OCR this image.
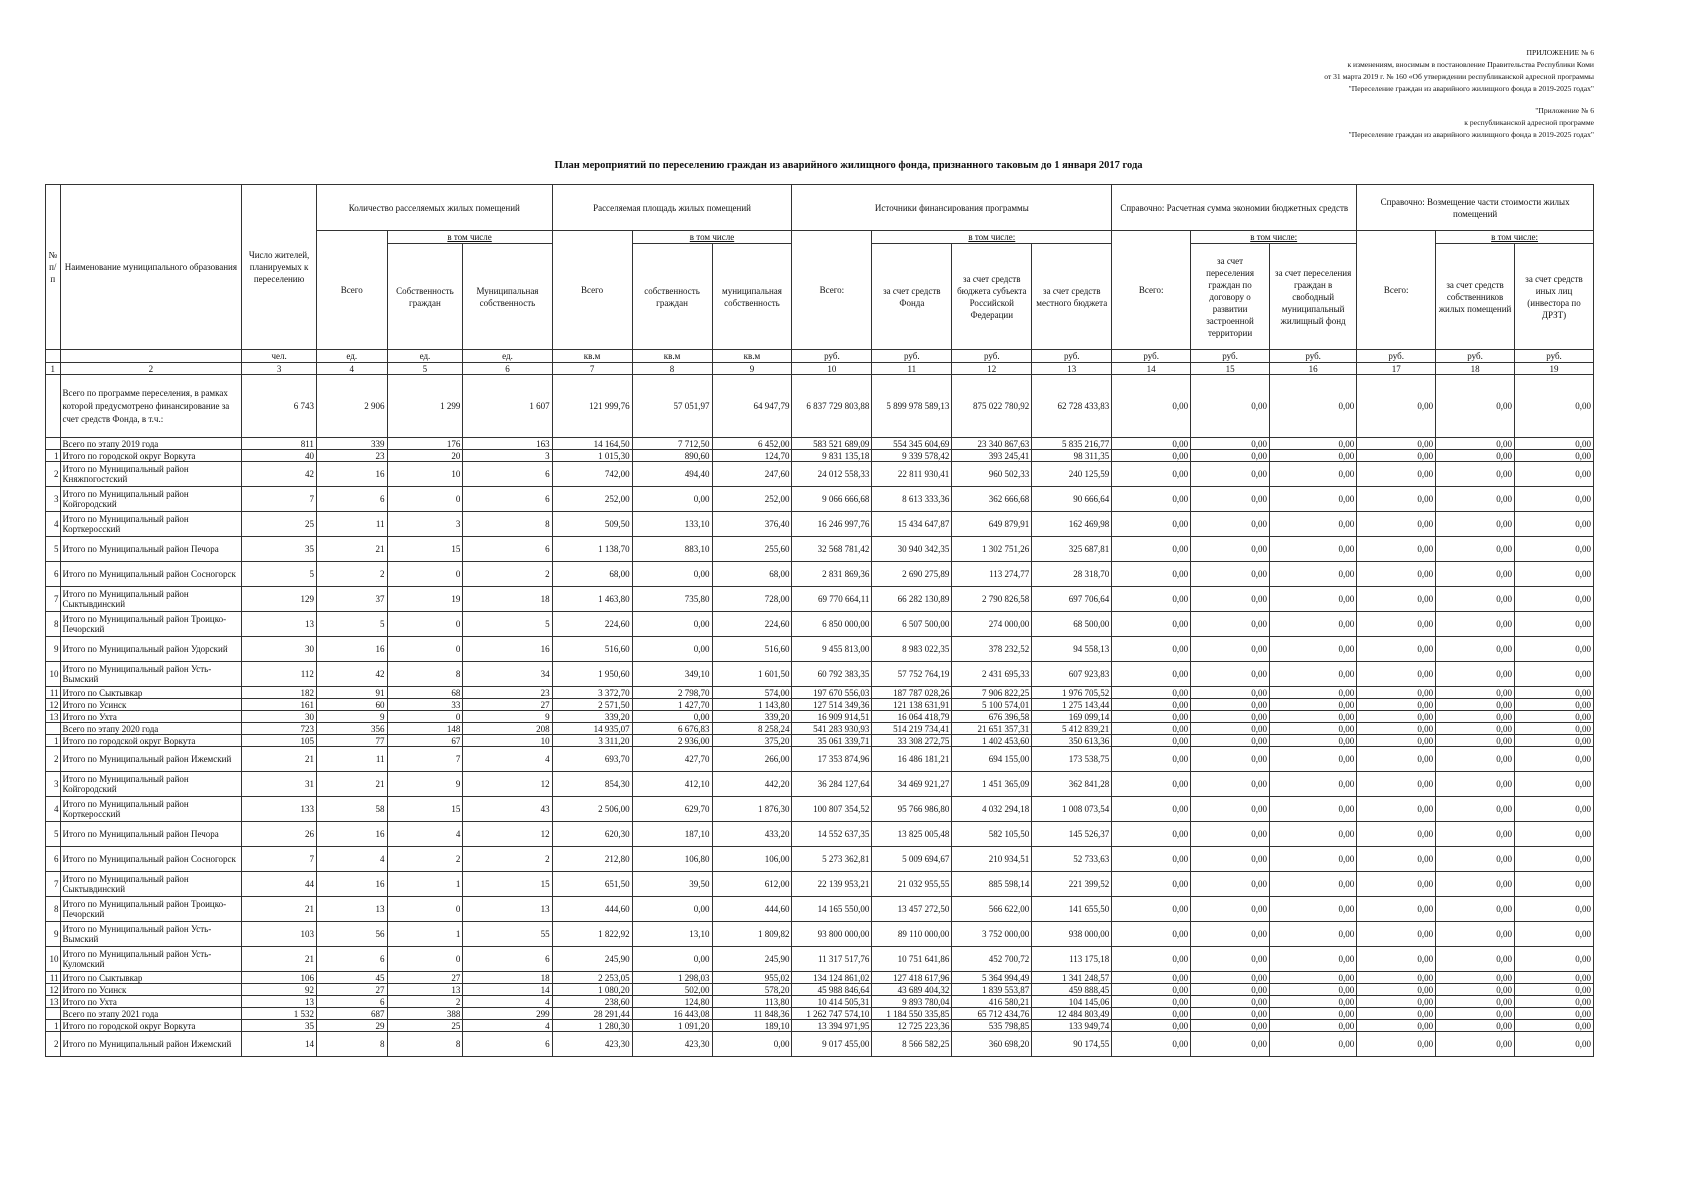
ПРИЛОЖЕНИЕ № 6
к изменениям, вносимым в постановление Правительства Республики Коми
от 31 марта 2019 г. № 160 «Об утверждении республиканской адресной программы
"Переселение граждан из аварийного жилищного фонда в 2019-2025 годах"
"Приложение № 6
к республиканской адресной программе
"Переселение граждан из аварийного жилищного фонда в 2019-2025 годах"
План мероприятий по переселению граждан из аварийного жилищного фонда, признанного таковым до 1 января 2017 года
№ п/п	Наименование муниципального образования	Число жителей, планируемых к переселению	Количество расселяемых жилых помещений			Расселяемая площадь жилых помещений			Источники финансирования программы				Справочно: Расчетная сумма экономии бюджетных средств			Справочно: Возмещение части стоимости жилых помещений		
			Всего	в том числе		Всего	в том числе		Всего:	в том числе:			Всего:	в том числе:		Всего:	в том числе:	
				Собственность граждан	Муниципальная собственность		собственность граждан	муниципальная собственность		за счет средств Фонда	за счет средств бюджета субъекта Российской Федерации	за счет средств местного бюджета		за счет переселения граждан по договору о развитии застроенной территории	за счет переселения граждан в свободный муниципальный жилищный фонд		за счет средств собственников жилых помещений	за счет средств иных лиц (инвестора по ДРЗТ)
		чел.	ед.	ед.	ед.	кв.м	кв.м	кв.м	руб.	руб.	руб.	руб.	руб.	руб.	руб.	руб.	руб.	руб.
1	2	3	4	5	6	7	8	9	10	11	12	13	14	15	16	17	18	19
	Всего по программе переселения, в рамках которой предусмотрено финансирование за счет средств Фонда, в т.ч.:	6 743	2 906	1 299	1 607	121 999,76	57 051,97	64 947,79	6 837 729 803,88	5 899 978 589,13	875 022 780,92	62 728 433,83	0,00	0,00	0,00	0,00	0,00	0,00
	Всего по этапу 2019 года	811	339	176	163	14 164,50	7 712,50	6 452,00	583 521 689,09	554 345 604,69	23 340 867,63	5 835 216,77	0,00	0,00	0,00	0,00	0,00	0,00
1	Итого по городской округ Воркута	40	23	20	3	1 015,30	890,60	124,70	9 831 135,18	9 339 578,42	393 245,41	98 311,35	0,00	0,00	0,00	0,00	0,00	0,00
2	Итого по Муниципальный район Княжпогостский	42	16	10	6	742,00	494,40	247,60	24 012 558,33	22 811 930,41	960 502,33	240 125,59	0,00	0,00	0,00	0,00	0,00	0,00
3	Итого по Муниципальный район Койгородский	7	6	0	6	252,00	0,00	252,00	9 066 666,68	8 613 333,36	362 666,68	90 666,64	0,00	0,00	0,00	0,00	0,00	0,00
4	Итого по Муниципальный район Корткеросский	25	11	3	8	509,50	133,10	376,40	16 246 997,76	15 434 647,87	649 879,91	162 469,98	0,00	0,00	0,00	0,00	0,00	0,00
5	Итого по Муниципальный район Печора	35	21	15	6	1 138,70	883,10	255,60	32 568 781,42	30 940 342,35	1 302 751,26	325 687,81	0,00	0,00	0,00	0,00	0,00	0,00
6	Итого по Муниципальный район Сосногорск	5	2	0	2	68,00	0,00	68,00	2 831 869,36	2 690 275,89	113 274,77	28 318,70	0,00	0,00	0,00	0,00	0,00	0,00
7	Итого по Муниципальный район Сыктывдинский	129	37	19	18	1 463,80	735,80	728,00	69 770 664,11	66 282 130,89	2 790 826,58	697 706,64	0,00	0,00	0,00	0,00	0,00	0,00
8	Итого по Муниципальный район Троицко-Печорский	13	5	0	5	224,60	0,00	224,60	6 850 000,00	6 507 500,00	274 000,00	68 500,00	0,00	0,00	0,00	0,00	0,00	0,00
9	Итого по Муниципальный район Удорский	30	16	0	16	516,60	0,00	516,60	9 455 813,00	8 983 022,35	378 232,52	94 558,13	0,00	0,00	0,00	0,00	0,00	0,00
10	Итого по Муниципальный район Усть-Вымский	112	42	8	34	1 950,60	349,10	1 601,50	60 792 383,35	57 752 764,19	2 431 695,33	607 923,83	0,00	0,00	0,00	0,00	0,00	0,00
11	Итого по Сыктывкар	182	91	68	23	3 372,70	2 798,70	574,00	197 670 556,03	187 787 028,26	7 906 822,25	1 976 705,52	0,00	0,00	0,00	0,00	0,00	0,00
12	Итого по Усинск	161	60	33	27	2 571,50	1 427,70	1 143,80	127 514 349,36	121 138 631,91	5 100 574,01	1 275 143,44	0,00	0,00	0,00	0,00	0,00	0,00
13	Итого по Ухта	30	9	0	9	339,20	0,00	339,20	16 909 914,51	16 064 418,79	676 396,58	169 099,14	0,00	0,00	0,00	0,00	0,00	0,00
	Всего по этапу 2020 года	723	356	148	208	14 935,07	6 676,83	8 258,24	541 283 930,93	514 219 734,41	21 651 357,31	5 412 839,21	0,00	0,00	0,00	0,00	0,00	0,00
1	Итого по городской округ Воркута	105	77	67	10	3 311,20	2 936,00	375,20	35 061 339,71	33 308 272,75	1 402 453,60	350 613,36	0,00	0,00	0,00	0,00	0,00	0,00
2	Итого по Муниципальный район Ижемский	21	11	7	4	693,70	427,70	266,00	17 353 874,96	16 486 181,21	694 155,00	173 538,75	0,00	0,00	0,00	0,00	0,00	0,00
3	Итого по Муниципальный район Койгородский	31	21	9	12	854,30	412,10	442,20	36 284 127,64	34 469 921,27	1 451 365,09	362 841,28	0,00	0,00	0,00	0,00	0,00	0,00
4	Итого по Муниципальный район Корткеросский	133	58	15	43	2 506,00	629,70	1 876,30	100 807 354,52	95 766 986,80	4 032 294,18	1 008 073,54	0,00	0,00	0,00	0,00	0,00	0,00
5	Итого по Муниципальный район Печора	26	16	4	12	620,30	187,10	433,20	14 552 637,35	13 825 005,48	582 105,50	145 526,37	0,00	0,00	0,00	0,00	0,00	0,00
6	Итого по Муниципальный район Сосногорск	7	4	2	2	212,80	106,80	106,00	5 273 362,81	5 009 694,67	210 934,51	52 733,63	0,00	0,00	0,00	0,00	0,00	0,00
7	Итого по Муниципальный район Сыктывдинский	44	16	1	15	651,50	39,50	612,00	22 139 953,21	21 032 955,55	885 598,14	221 399,52	0,00	0,00	0,00	0,00	0,00	0,00
8	Итого по Муниципальный район Троицко-Печорский	21	13	0	13	444,60	0,00	444,60	14 165 550,00	13 457 272,50	566 622,00	141 655,50	0,00	0,00	0,00	0,00	0,00	0,00
9	Итого по Муниципальный район Усть-Вымский	103	56	1	55	1 822,92	13,10	1 809,82	93 800 000,00	89 110 000,00	3 752 000,00	938 000,00	0,00	0,00	0,00	0,00	0,00	0,00
10	Итого по Муниципальный район Усть-Куломский	21	6	0	6	245,90	0,00	245,90	11 317 517,76	10 751 641,86	452 700,72	113 175,18	0,00	0,00	0,00	0,00	0,00	0,00
11	Итого по Сыктывкар	106	45	27	18	2 253,05	1 298,03	955,02	134 124 861,02	127 418 617,96	5 364 994,49	1 341 248,57	0,00	0,00	0,00	0,00	0,00	0,00
12	Итого по Усинск	92	27	13	14	1 080,20	502,00	578,20	45 988 846,64	43 689 404,32	1 839 553,87	459 888,45	0,00	0,00	0,00	0,00	0,00	0,00
13	Итого по Ухта	13	6	2	4	238,60	124,80	113,80	10 414 505,31	9 893 780,04	416 580,21	104 145,06	0,00	0,00	0,00	0,00	0,00	0,00
	Всего по этапу 2021 года	1 532	687	388	299	28 291,44	16 443,08	11 848,36	1 262 747 574,10	1 184 550 335,85	65 712 434,76	12 484 803,49	0,00	0,00	0,00	0,00	0,00	0,00
1	Итого по городской округ Воркута	35	29	25	4	1 280,30	1 091,20	189,10	13 394 971,95	12 725 223,36	535 798,85	133 949,74	0,00	0,00	0,00	0,00	0,00	0,00
2	Итого по Муниципальный район Ижемский	14	8	8	6	423,30	423,30	0,00	9 017 455,00	8 566 582,25	360 698,20	90 174,55	0,00	0,00	0,00	0,00	0,00	0,00
